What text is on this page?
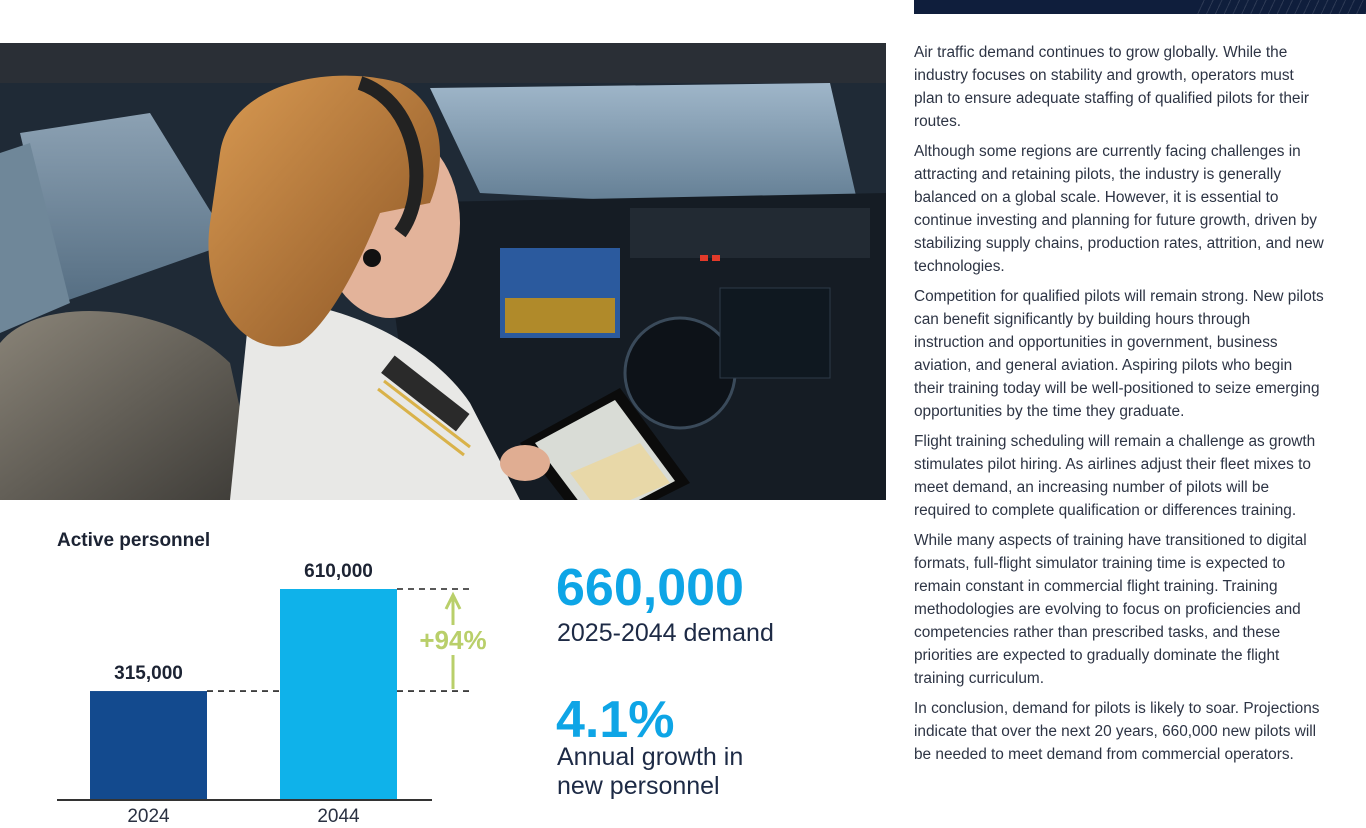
Air traffic demand continues to grow globally. While the industry focuses on stability and growth, operators must plan to ensure adequate staffing of qualified pilots for their routes.

Although some regions are currently facing challenges in attracting and retaining pilots, the industry is generally balanced on a global scale. However, it is essential to continue investing and planning for future growth, driven by stabilizing supply chains, production rates, attrition, and new technologies.

Competition for qualified pilots will remain strong. New pilots can benefit significantly by building hours through instruction and opportunities in government, business aviation, and general aviation. Aspiring pilots who begin their training today will be well-positioned to seize emerging opportunities by the time they graduate.

Flight training scheduling will remain a challenge as growth stimulates pilot hiring. As airlines adjust their fleet mixes to meet demand, an increasing number of pilots will be required to complete qualification or differences training.

While many aspects of training have transitioned to digital formats, full-flight simulator training time is expected to remain constant in commercial flight training. Training methodologies are evolving to focus on proficiencies and competencies rather than prescribed tasks, and these priorities are expected to gradually dominate the flight training curriculum.

In conclusion, demand for pilots is likely to soar. Projections indicate that over the next 20 years, 660,000 new pilots will be needed to meet demand from commercial operators.

Active personnel
315,000
2024
610,000
2044
+94%
660,000
2025-2044 demand
4.1%
Annual growth in new personnel
